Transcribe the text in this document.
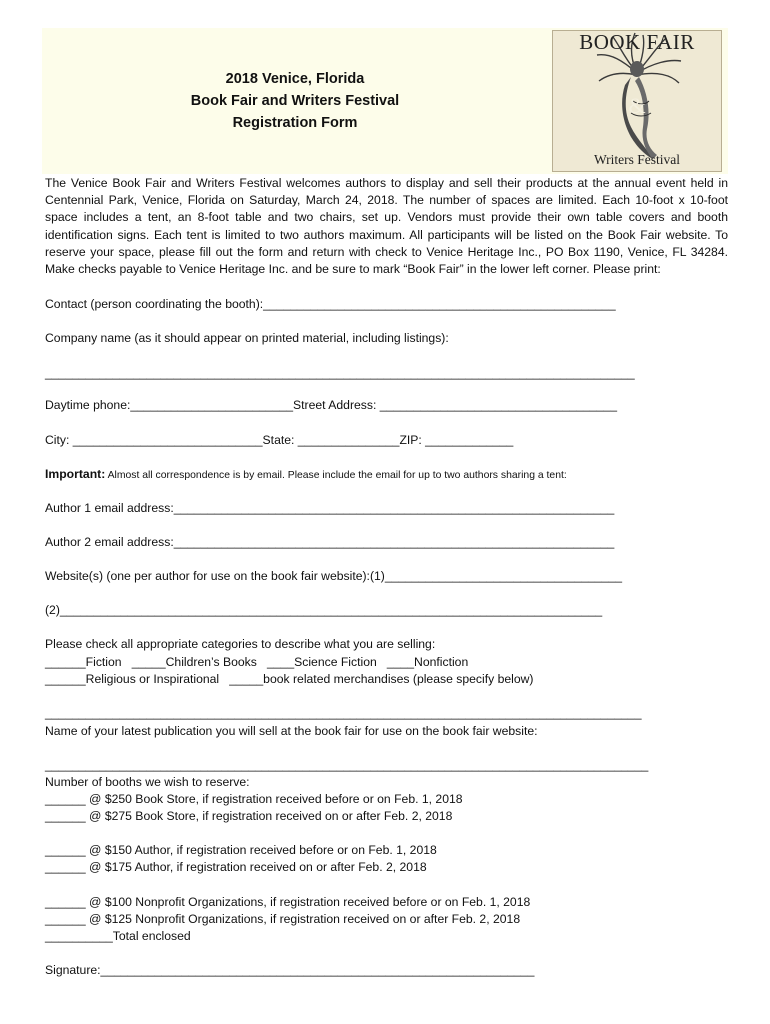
2018 Venice, Florida
Book Fair and Writers Festival
Registration Form
BOOK FAIR
&
Writers Festival

The Venice Book Fair and Writers Festival welcomes authors to display and sell their products at the annual event held in Centennial Park, Venice, Florida on Saturday, March 24, 2018. The number of spaces are limited. Each 10-foot x 10-foot space includes a tent, an 8-foot table and two chairs, set up. Vendors must provide their own table covers and booth identification signs. Each tent is limited to two authors maximum. All participants will be listed on the Book Fair website. To reserve your space, please fill out the form and return with check to Venice Heritage Inc., PO Box 1190, Venice, FL 34284. Make checks payable to Venice Heritage Inc. and be sure to mark “Book Fair” in the lower left corner. Please print:

Contact (person coordinating the booth):____________________________________________________
Company name (as it should appear on printed material, including listings):
_______________________________________________________________________________________
Daytime phone:________________________Street Address: ___________________________________
City: ____________________________State: _______________ZIP: _____________
Important: Almost all correspondence is by email. Please include the email for up to two authors sharing a tent:
Author 1 email address:_________________________________________________________________
Author 2 email address:_________________________________________________________________
Website(s) (one per author for use on the book fair website):(1)___________________________________
(2)________________________________________________________________________________
Please check all appropriate categories to describe what you are selling:
______Fiction   _____Children’s Books   ____Science Fiction   ____Nonfiction
______Religious or Inspirational   _____book related merchandises (please specify below)
________________________________________________________________________________________
Name of your latest publication you will sell at the book fair for use on the book fair website:
_________________________________________________________________________________________
Number of booths we wish to reserve:
______ @ $250 Book Store, if registration received before or on Feb. 1, 2018
______ @ $275 Book Store, if registration received on or after Feb. 2, 2018
______ @ $150 Author, if registration received before or on Feb. 1, 2018
______ @ $175 Author, if registration received on or after Feb. 2, 2018
______ @ $100 Nonprofit Organizations, if registration received before or on Feb. 1, 2018
______ @ $125 Nonprofit Organizations, if registration received on or after Feb. 2, 2018
__________Total enclosed
Signature:________________________________________________________________
